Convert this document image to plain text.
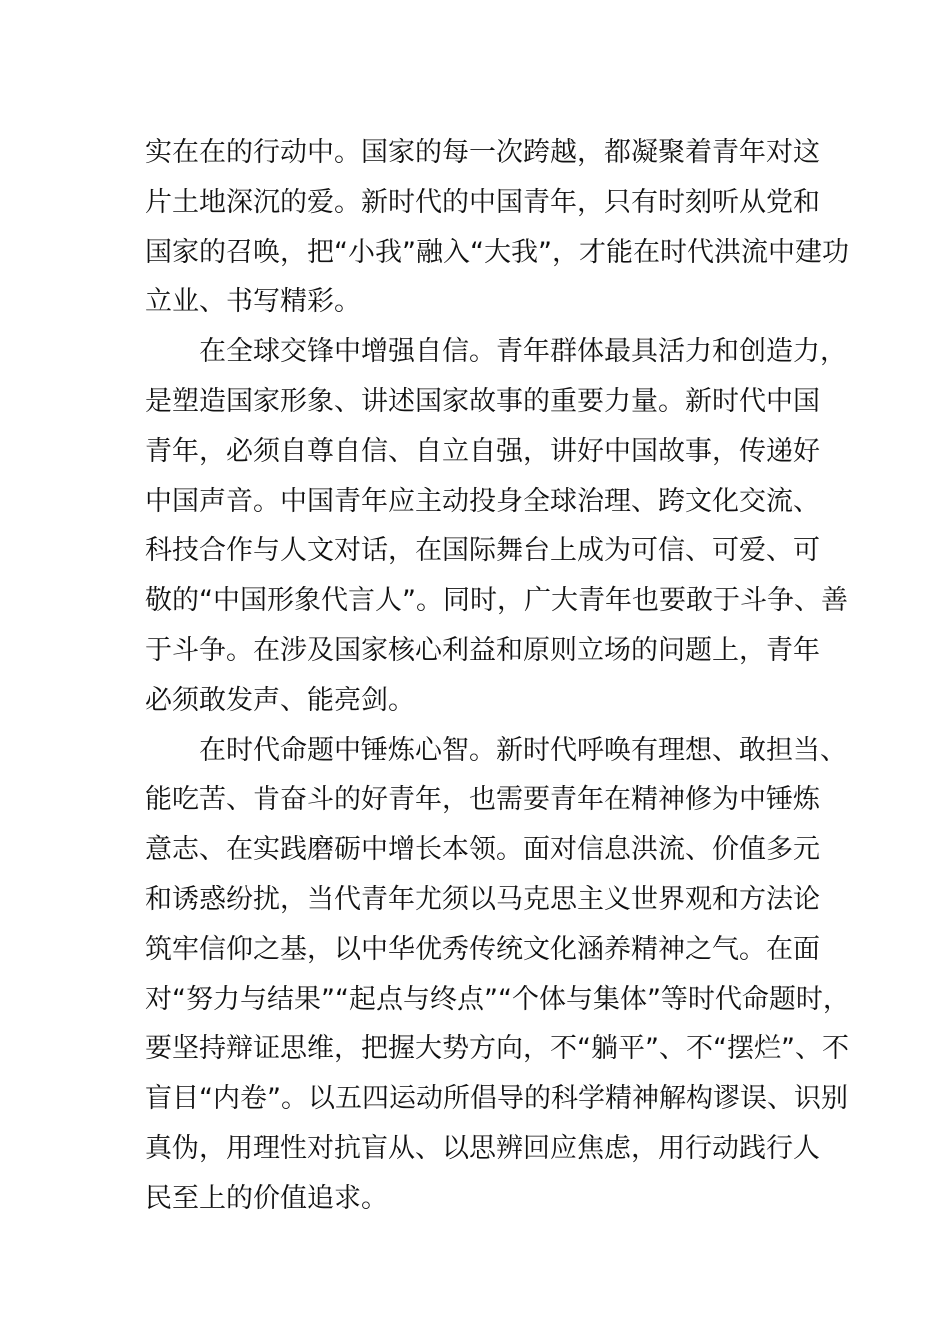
实在在的行动中。国家的每一次跨越，都凝聚着青年对这
片土地深沉的爱。新时代的中国青年，只有时刻听从党和
国家的召唤，把“小我”融入“大我”，才能在时代洪流中建功
立业、书写精彩。
　　在全球交锋中增强自信。青年群体最具活力和创造力，
是塑造国家形象、讲述国家故事的重要力量。新时代中国
青年，必须自尊自信、自立自强，讲好中国故事，传递好
中国声音。中国青年应主动投身全球治理、跨文化交流、
科技合作与人文对话，在国际舞台上成为可信、可爱、可
敬的“中国形象代言人”。同时，广大青年也要敢于斗争、善
于斗争。在涉及国家核心利益和原则立场的问题上，青年
必须敢发声、能亮剑。
　　在时代命题中锤炼心智。新时代呼唤有理想、敢担当、
能吃苦、肯奋斗的好青年，也需要青年在精神修为中锤炼
意志、在实践磨砺中增长本领。面对信息洪流、价值多元
和诱惑纷扰，当代青年尤须以马克思主义世界观和方法论
筑牢信仰之基，以中华优秀传统文化涵养精神之气。在面
对“努力与结果”“起点与终点”“个体与集体”等时代命题时，
要坚持辩证思维，把握大势方向，不“躺平”、不“摆烂”、不
盲目“内卷”。以五四运动所倡导的科学精神解构谬误、识别
真伪，用理性对抗盲从、以思辨回应焦虑，用行动践行人
民至上的价值追求。
